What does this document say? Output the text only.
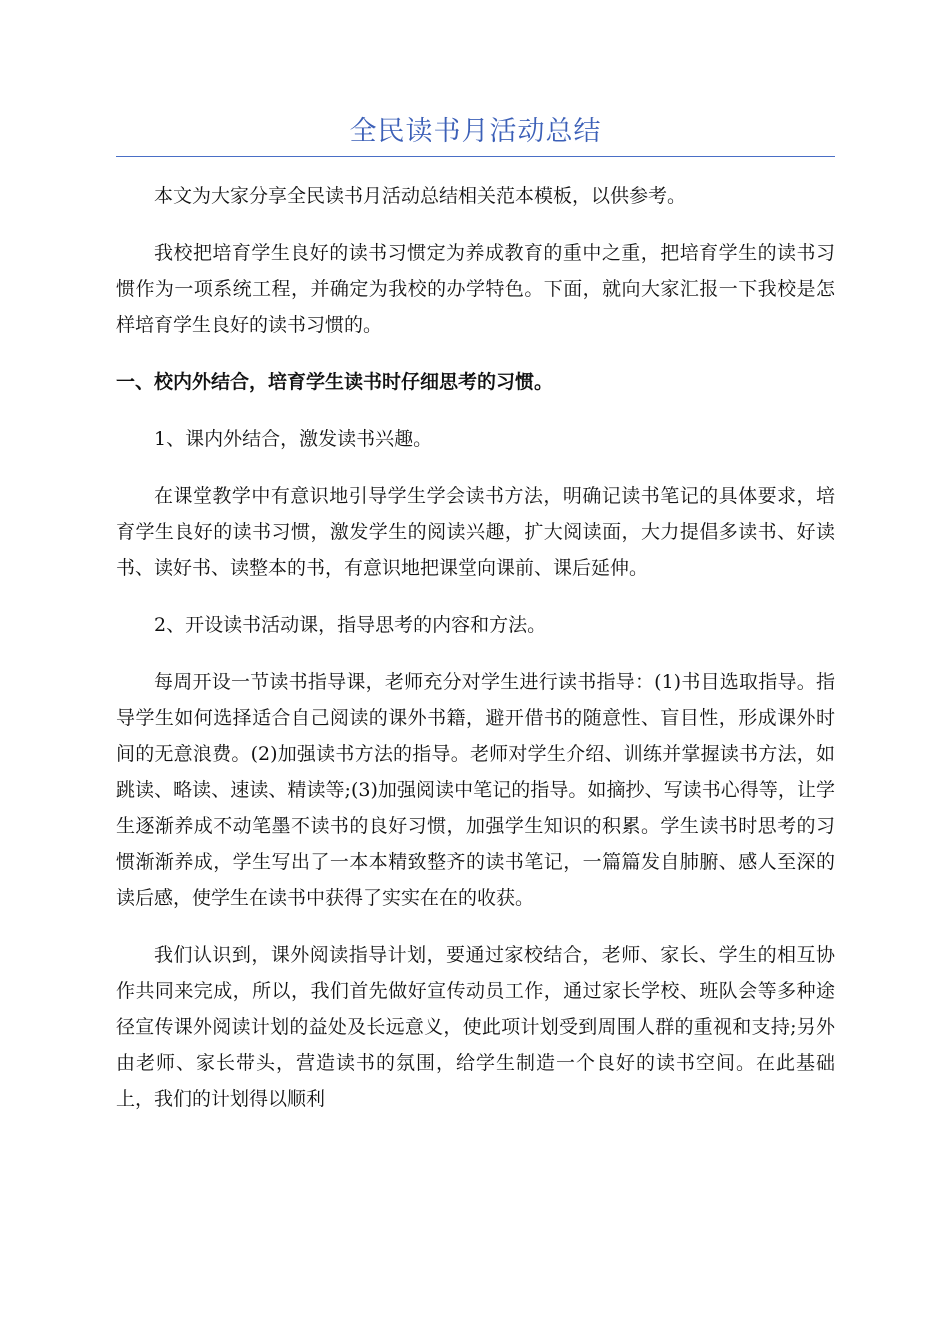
全民读书月活动总结

本文为大家分享全民读书月活动总结相关范本模板，以供参考。

我校把培育学生良好的读书习惯定为养成教育的重中之重，把培育学生的读书习惯作为一项系统工程，并确定为我校的办学特色。下面，就向大家汇报一下我校是怎样培育学生良好的读书习惯的。

一、校内外结合，培育学生读书时仔细思考的习惯。

1、课内外结合，激发读书兴趣。

在课堂教学中有意识地引导学生学会读书方法，明确记读书笔记的具体要求，培育学生良好的读书习惯，激发学生的阅读兴趣，扩大阅读面，大力提倡多读书、好读书、读好书、读整本的书，有意识地把课堂向课前、课后延伸。

2、开设读书活动课，指导思考的内容和方法。

每周开设一节读书指导课，老师充分对学生进行读书指导：(1)书目选取指导。指导学生如何选择适合自己阅读的课外书籍，避开借书的随意性、盲目性，形成课外时间的无意浪费。(2)加强读书方法的指导。老师对学生介绍、训练并掌握读书方法，如跳读、略读、速读、精读等;(3)加强阅读中笔记的指导。如摘抄、写读书心得等，让学生逐渐养成不动笔墨不读书的良好习惯，加强学生知识的积累。学生读书时思考的习惯渐渐养成，学生写出了一本本精致整齐的读书笔记，一篇篇发自肺腑、感人至深的读后感，使学生在读书中获得了实实在在的收获。

我们认识到，课外阅读指导计划，要通过家校结合，老师、家长、学生的相互协作共同来完成，所以，我们首先做好宣传动员工作，通过家长学校、班队会等多种途径宣传课外阅读计划的益处及长远意义，使此项计划受到周围人群的重视和支持;另外由老师、家长带头，营造读书的氛围，给学生制造一个良好的读书空间。在此基础上，我们的计划得以顺利
